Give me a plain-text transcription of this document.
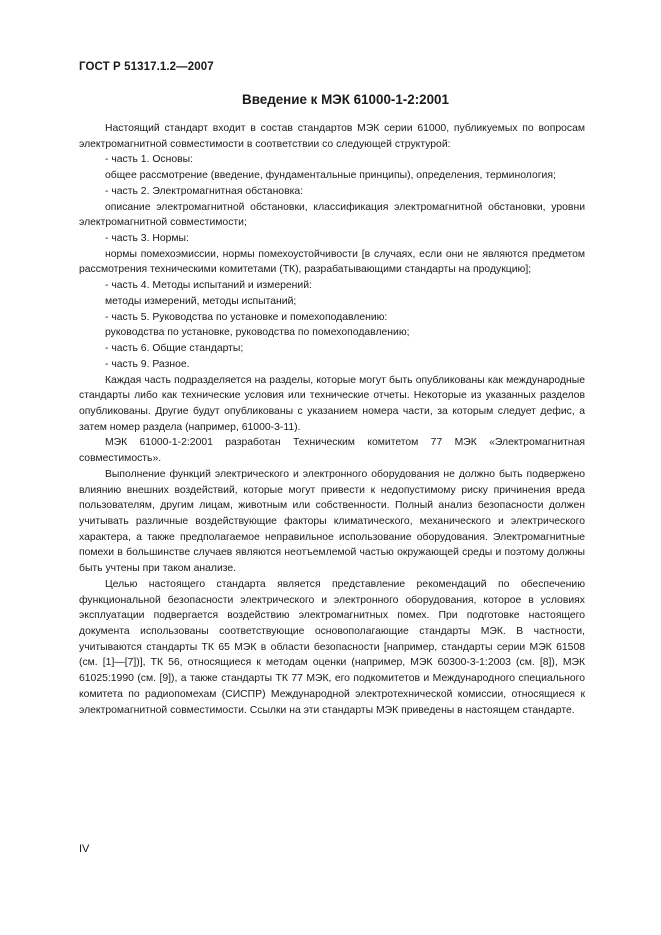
ГОСТ Р 51317.1.2—2007
Введение к МЭК 61000-1-2:2001

Настоящий стандарт входит в состав стандартов МЭК серии 61000, публикуемых по вопросам электромагнитной совместимости в соответствии со следующей структурой:

- часть 1. Основы:

общее рассмотрение (введение, фундаментальные принципы), определения, терминология;

- часть 2. Электромагнитная обстановка:

описание электромагнитной обстановки, классификация электромагнитной обстановки, уровни электромагнитной совместимости;

- часть 3. Нормы:

нормы помехоэмиссии, нормы помехоустойчивости [в случаях, если они не являются предметом рассмотрения техническими комитетами (ТК), разрабатывающими стандарты на продукцию];

- часть 4. Методы испытаний и измерений:

методы измерений, методы испытаний;

- часть 5. Руководства по установке и помехоподавлению:

руководства по установке, руководства по помехоподавлению;

- часть 6. Общие стандарты;

- часть 9. Разное.

Каждая часть подразделяется на разделы, которые могут быть опубликованы как международные стандарты либо как технические условия или технические отчеты. Некоторые из указанных разделов опубликованы. Другие будут опубликованы с указанием номера части, за которым следует дефис, а затем номер раздела (например, 61000-3-11).

МЭК 61000-1-2:2001 разработан Техническим комитетом 77 МЭК «Электромагнитная совместимость».

Выполнение функций электрического и электронного оборудования не должно быть подвержено влиянию внешних воздействий, которые могут привести к недопустимому риску причинения вреда пользователям, другим лицам, животным или собственности. Полный анализ безопасности должен учитывать различные воздействующие факторы климатического, механического и электрического характера, а также предполагаемое неправильное использование оборудования. Электромагнитные помехи в большинстве случаев являются неотъемлемой частью окружающей среды и поэтому должны быть учтены при таком анализе.

Целью настоящего стандарта является представление рекомендаций по обеспечению функциональной безопасности электрического и электронного оборудования, которое в условиях эксплуатации подвергается воздействию электромагнитных помех. При подготовке настоящего документа использованы соответствующие основополагающие стандарты МЭК. В частности, учитываются стандарты ТК 65 МЭК в области безопасности [например, стандарты серии МЭК 61508 (см. [1]—[7])], ТК 56, относящиеся к методам оценки (например, МЭК 60300-3-1:2003 (см. [8]), МЭК 61025:1990 (см. [9]), а также стандарты ТК 77 МЭК, его подкомитетов и Международного специального комитета по радиопомехам (СИСПР) Международной электротехнической комиссии, относящиеся к электромагнитной совместимости. Ссылки на эти стандарты МЭК приведены в настоящем стандарте.

IV
